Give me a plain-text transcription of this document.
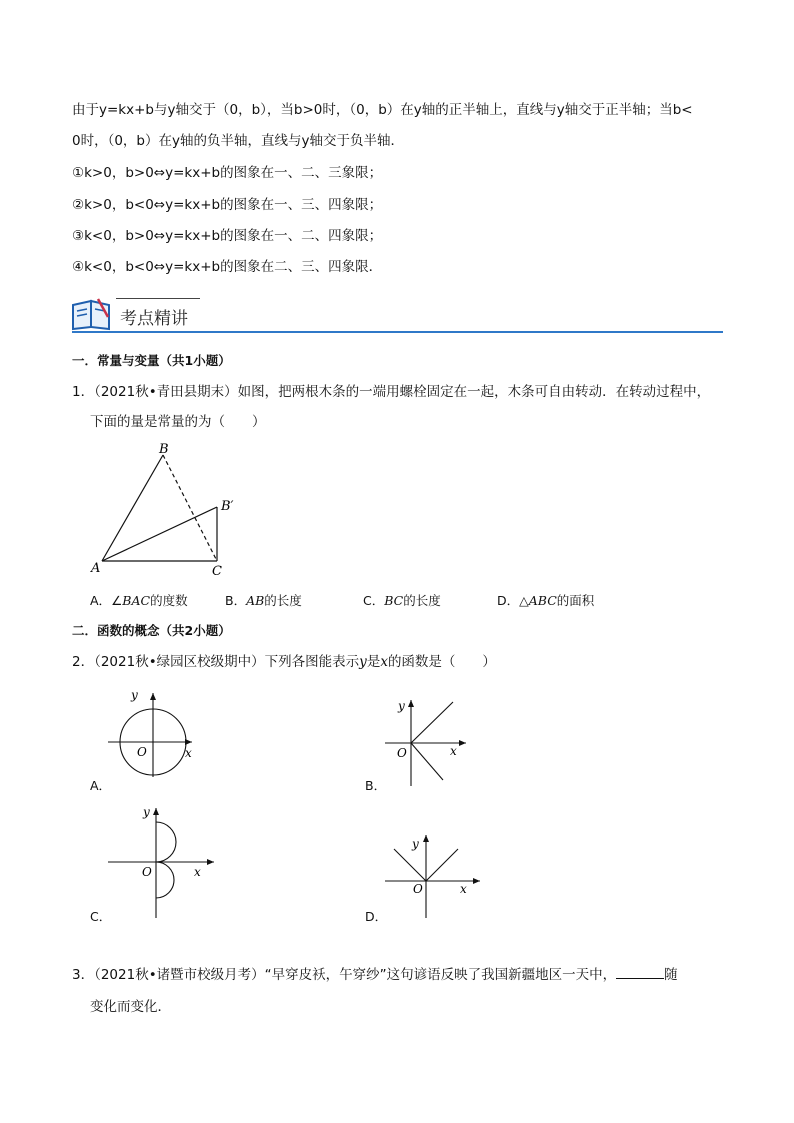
由于y=kx+b与y轴交于（0，b），当b>0时，（0，b）在y轴的正半轴上，直线与y轴交于正半轴；当b<
0时，（0，b）在y轴的负半轴，直线与y轴交于负半轴．
①k>0，b>0⇔y=kx+b的图象在一、二、三象限；
②k>0，b<0⇔y=kx+b的图象在一、三、四象限；
③k<0，b>0⇔y=kx+b的图象在一、二、四象限；
④k<0，b<0⇔y=kx+b的图象在二、三、四象限．
考点精讲
一．常量与变量（共1小题）
1．（2021秋•青田县期末）如图，把两根木条的一端用螺栓固定在一起，木条可自由转动．在转动过程中，
下面的量是常量的为（　　）
A
B
B′
C
A．∠BAC的度数	B．AB的长度	C．BC的长度	D．△ABC的面积
二．函数的概念（共2小题）
2．（2021秋•绿园区校级期中）下列各图能表示y是x的函数是（　　）
x
y
O
A．
x
y
O
B．
x
y
O
C．
x
y
O
D．
3．（2021秋•诸暨市校级月考）“早穿皮袄，午穿纱”这句谚语反映了我国新疆地区一天中，	随
变化而变化．
